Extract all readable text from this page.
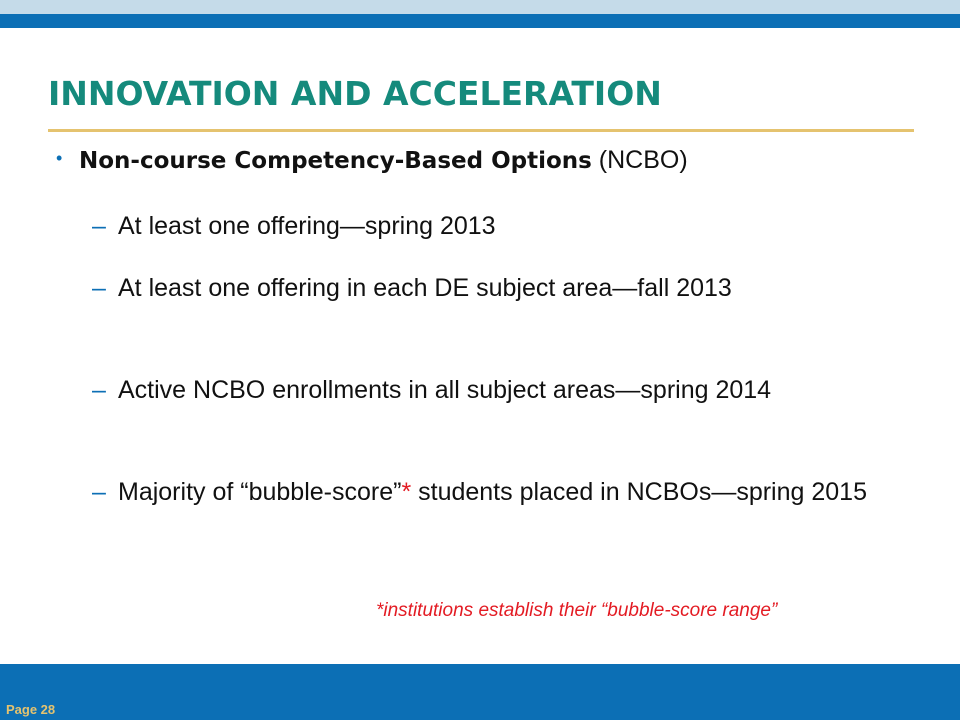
INNOVATION AND ACCELERATION
• Non-course Competency-Based Options (NCBO)
– At least one offering—spring 2013
– At least one offering in each DE subject area—fall 2013
– Active NCBO enrollments in all subject areas—spring 2014
– Majority of “bubble-score”* students placed in NCBOs—spring 2015
*institutions establish their “bubble-score range”
Page 28
